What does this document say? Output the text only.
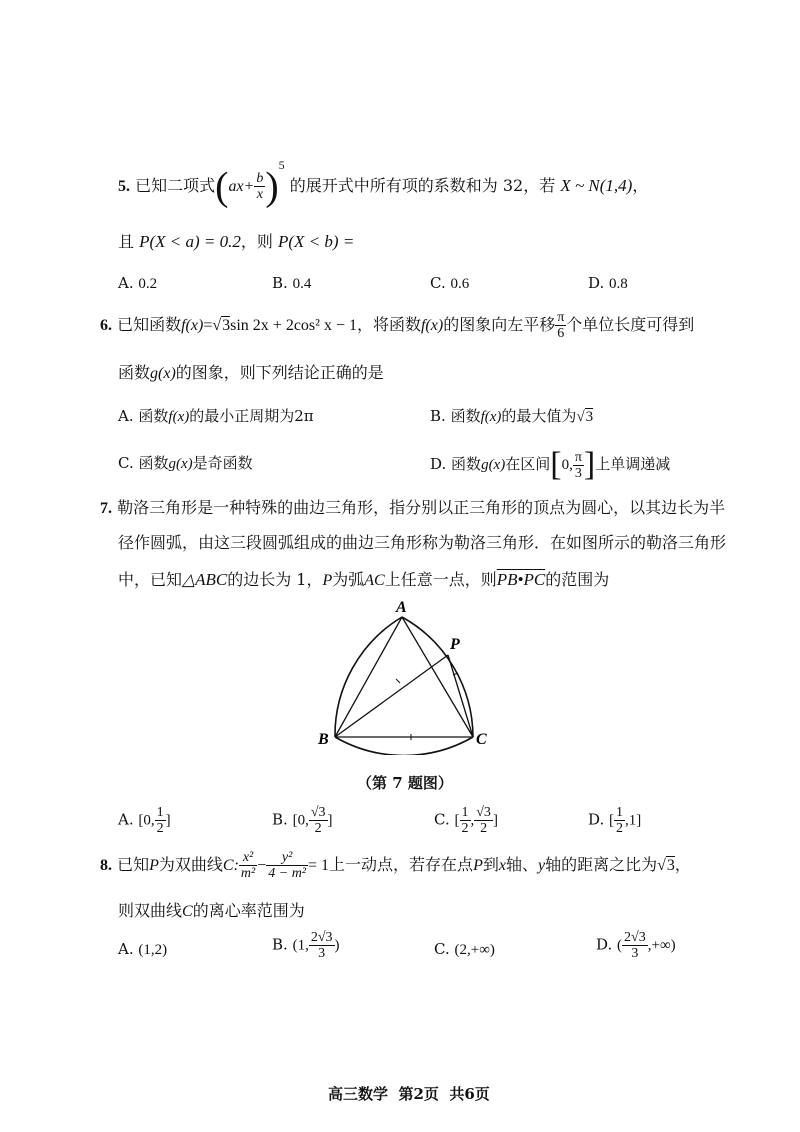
5. 已知二项式$(ax+ \frac{b}{x} )^5$ 的展开式中所有项的系数和为 32，若 X ~ N(1,4)，
且 P(X < a) = 0.2，则 P(X < b) =
A. 0.2	B. 0.4	C. 0.6	D. 0.8
6. 已知函数f(x)=√3sin 2x + 2cos² x − 1，将函数f(x)的图象向左平移 $\frac{\pi}{6}$ 个单位长度可得到
函数g(x)的图象，则下列结论正确的是
A. 函数f(x)的最小正周期为2π	B. 函数f(x)的最大值为√3
C. 函数g(x)是奇函数	D. 函数g(x)在区间[0, $\frac{\pi}{3}$ ]上单调递减
7. 勒洛三角形是一种特殊的曲边三角形，指分别以正三角形的顶点为圆心，以其边长为半
径作圆弧，由这三段圆弧组成的曲边三角形称为勒洛三角形．在如图所示的勒洛三角形
中，已知△ABC的边长为 1，P为弧AC上任意一点，则PB•PC的范围为
A
B	C
P
（第 7 题图）
A. [0, $\frac{1}{2}$ ]	B. [0, $\frac{√3}{2}$ ]	C. [ $\frac{1}{2}$ , $\frac{√3}{2}$ ]	D. [ $\frac{1}{2} ,1$]
8. 已知P为双曲线C: $\frac{\text{x²}}{\text{m²}} - \frac{\text{y²}}{\text{4 − m²}} = 1$上一动点，若存在点P到x轴、y轴的距离之比为√3，
则双曲线C的离心率范围为
A. (1,2)	B. (1, $\frac{2√3}{3}$ )	C. (2,+∞)	D. ( $\frac{2√3}{3}$ ,+∞)
高三数学  第2页  共6页
